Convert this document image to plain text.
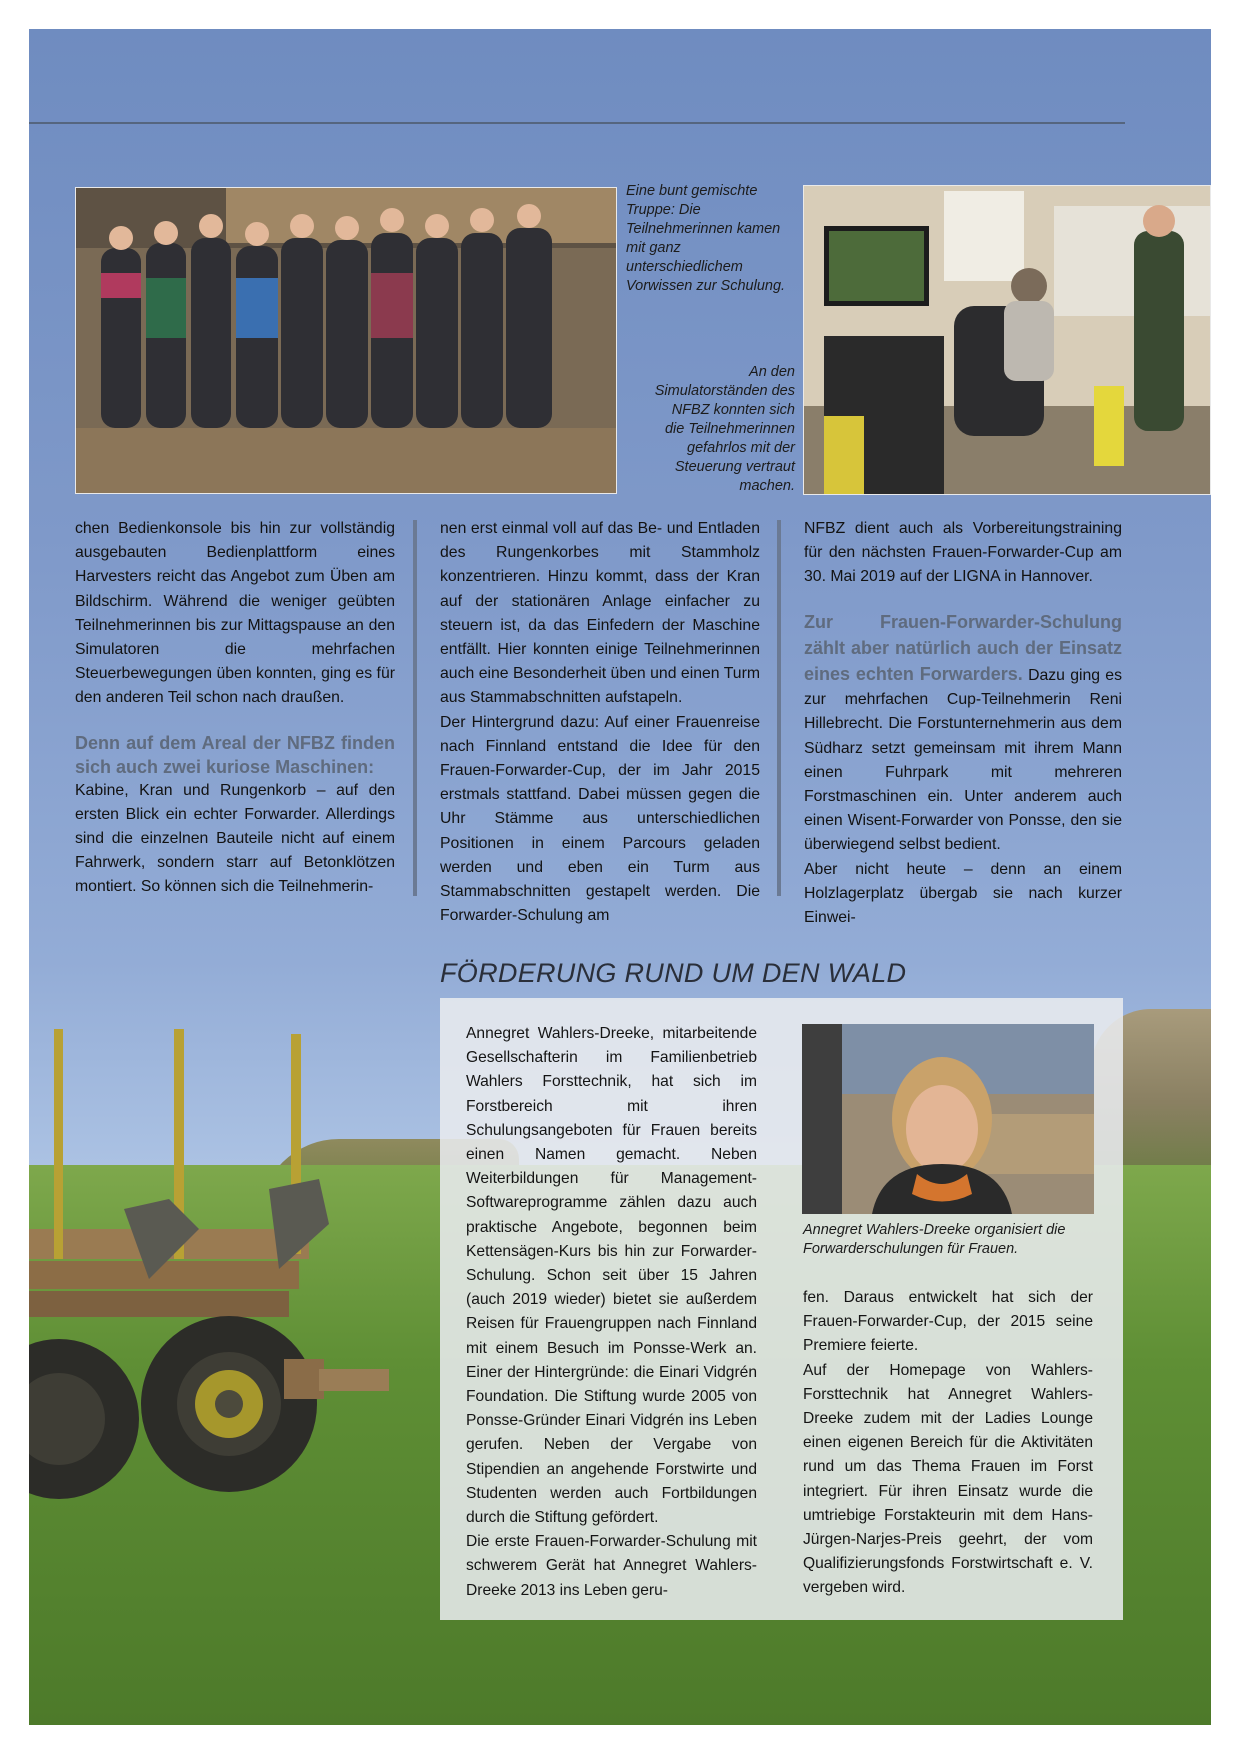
Eine bunt gemischte Truppe: Die Teilnehmerinnen kamen mit ganz unterschiedlichem Vorwissen zur Schulung.

An den Simulatorständen des NFBZ konnten sich die Teilnehmerinnen gefahrlos mit der Steuerung vertraut machen.

chen Bedienkonsole bis hin zur vollständig ausgebauten Bedienplattform eines Harvesters reicht das Angebot zum Üben am Bildschirm. Während die weniger geübten Teilnehmerinnen bis zur Mittagspause an den Simulatoren die mehrfachen Steuerbewegungen üben konnten, ging es für den anderen Teil schon nach draußen.

Denn auf dem Areal der NFBZ finden sich auch zwei kuriose Maschinen:

Kabine, Kran und Rungenkorb – auf den ersten Blick ein echter Forwarder. Allerdings sind die einzelnen Bauteile nicht auf einem Fahrwerk, sondern starr auf Betonklötzen montiert. So können sich die Teilnehmerin-

nen erst einmal voll auf das Be- und Entladen des Rungenkorbes mit Stammholz konzentrieren. Hinzu kommt, dass der Kran auf der stationären Anlage einfacher zu steuern ist, da das Einfedern der Maschine entfällt. Hier konnten einige Teilnehmerinnen auch eine Besonderheit üben und einen Turm aus Stammabschnitten aufstapeln.

Der Hintergrund dazu: Auf einer Frauenreise nach Finnland entstand die Idee für den Frauen-Forwarder-Cup, der im Jahr 2015 erstmals stattfand. Dabei müssen gegen die Uhr Stämme aus unterschiedlichen Positionen in einem Parcours geladen werden und eben ein Turm aus Stammabschnitten gestapelt werden. Die Forwarder-Schulung am

NFBZ dient auch als Vorbereitungstraining für den nächsten Frauen-Forwarder-Cup am 30. Mai 2019 auf der LIGNA in Hannover.

Zur Frauen-Forwarder-Schulung zählt aber natürlich auch der Einsatz eines echten Forwarders. Dazu ging es zur mehrfachen Cup-Teilnehmerin Reni Hillebrecht. Die Forstunternehmerin aus dem Südharz setzt gemeinsam mit ihrem Mann einen Fuhrpark mit mehreren Forstmaschinen ein. Unter anderem auch einen Wisent-Forwarder von Ponsse, den sie überwiegend selbst bedient.

Aber nicht heute – denn an einem Holzlagerplatz übergab sie nach kurzer Einwei-

FÖRDERUNG RUND UM DEN WALD

Annegret Wahlers-Dreeke, mitarbeitende Gesellschafterin im Familienbetrieb Wahlers Forsttechnik, hat sich im Forstbereich mit ihren Schulungsangeboten für Frauen bereits einen Namen gemacht. Neben Weiterbildungen für Management-Softwareprogramme zählen dazu auch praktische Angebote, begonnen beim Kettensägen-Kurs bis hin zur Forwarder-Schulung. Schon seit über 15 Jahren (auch 2019 wieder) bietet sie außerdem Reisen für Frauengruppen nach Finnland mit einem Besuch im Ponsse-Werk an. Einer der Hintergründe: die Einari Vidgrén Foundation. Die Stiftung wurde 2005 von Ponsse-Gründer Einari Vidgrén ins Leben gerufen. Neben der Vergabe von Stipendien an angehende Forstwirte und Studenten werden auch Fortbildungen durch die Stiftung gefördert.

Die erste Frauen-Forwarder-Schulung mit schwerem Gerät hat Annegret Wahlers-Dreeke 2013 ins Leben geru-

Annegret Wahlers-Dreeke organisiert die Forwarderschulungen für Frauen.

fen. Daraus entwickelt hat sich der Frauen-Forwarder-Cup, der 2015 seine Premiere feierte.

Auf der Homepage von Wahlers-Forsttechnik hat Annegret Wahlers-Dreeke zudem mit der Ladies Lounge einen eigenen Bereich für die Aktivitäten rund um das Thema Frauen im Forst integriert. Für ihren Einsatz wurde die umtriebige Forstakteurin mit dem Hans-Jürgen-Narjes-Preis geehrt, der vom Qualifizierungsfonds Forstwirtschaft e. V. vergeben wird.
